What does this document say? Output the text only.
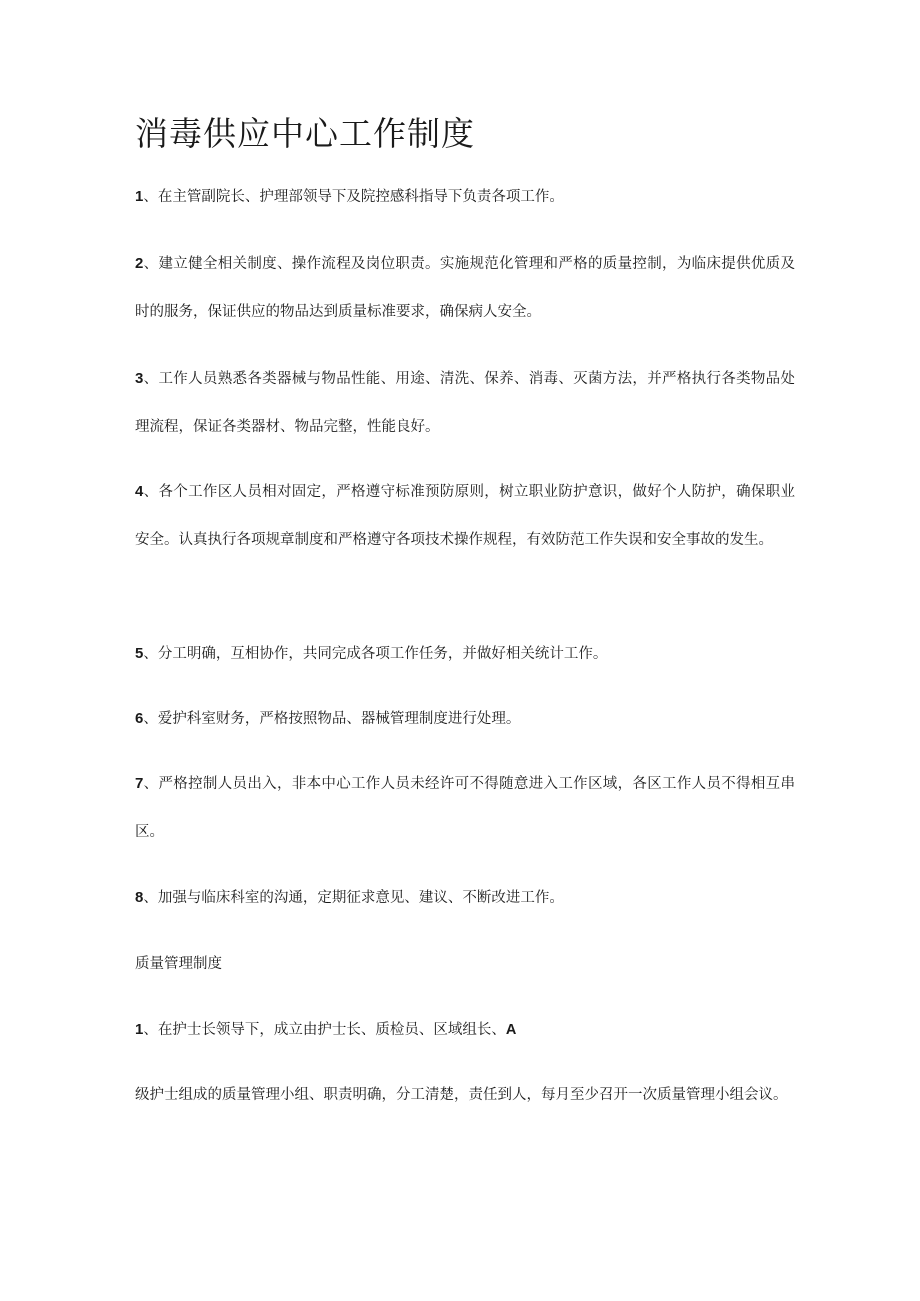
消毒供应中心工作制度

1、在主管副院长、护理部领导下及院控感科指导下负责各项工作。

2、建立健全相关制度、操作流程及岗位职责。实施规范化管理和严格的质量控制，为临床提供优质及时的服务，保证供应的物品达到质量标准要求，确保病人安全。

3、工作人员熟悉各类器械与物品性能、用途、清洗、保养、消毒、灭菌方法，并严格执行各类物品处理流程，保证各类器材、物品完整，性能良好。

4、各个工作区人员相对固定，严格遵守标准预防原则，树立职业防护意识，做好个人防护，确保职业安全。认真执行各项规章制度和严格遵守各项技术操作规程，有效防范工作失误和安全事故的发生。

5、分工明确，互相协作，共同完成各项工作任务，并做好相关统计工作。

6、爱护科室财务，严格按照物品、器械管理制度进行处理。

7、严格控制人员出入，非本中心工作人员未经许可不得随意进入工作区域，各区工作人员不得相互串区。

8、加强与临床科室的沟通，定期征求意见、建议、不断改进工作。

质量管理制度

1、在护士长领导下，成立由护士长、质检员、区域组长、A

级护士组成的质量管理小组、职责明确，分工清楚，责任到人，每月至少召开一次质量管理小组会议。
